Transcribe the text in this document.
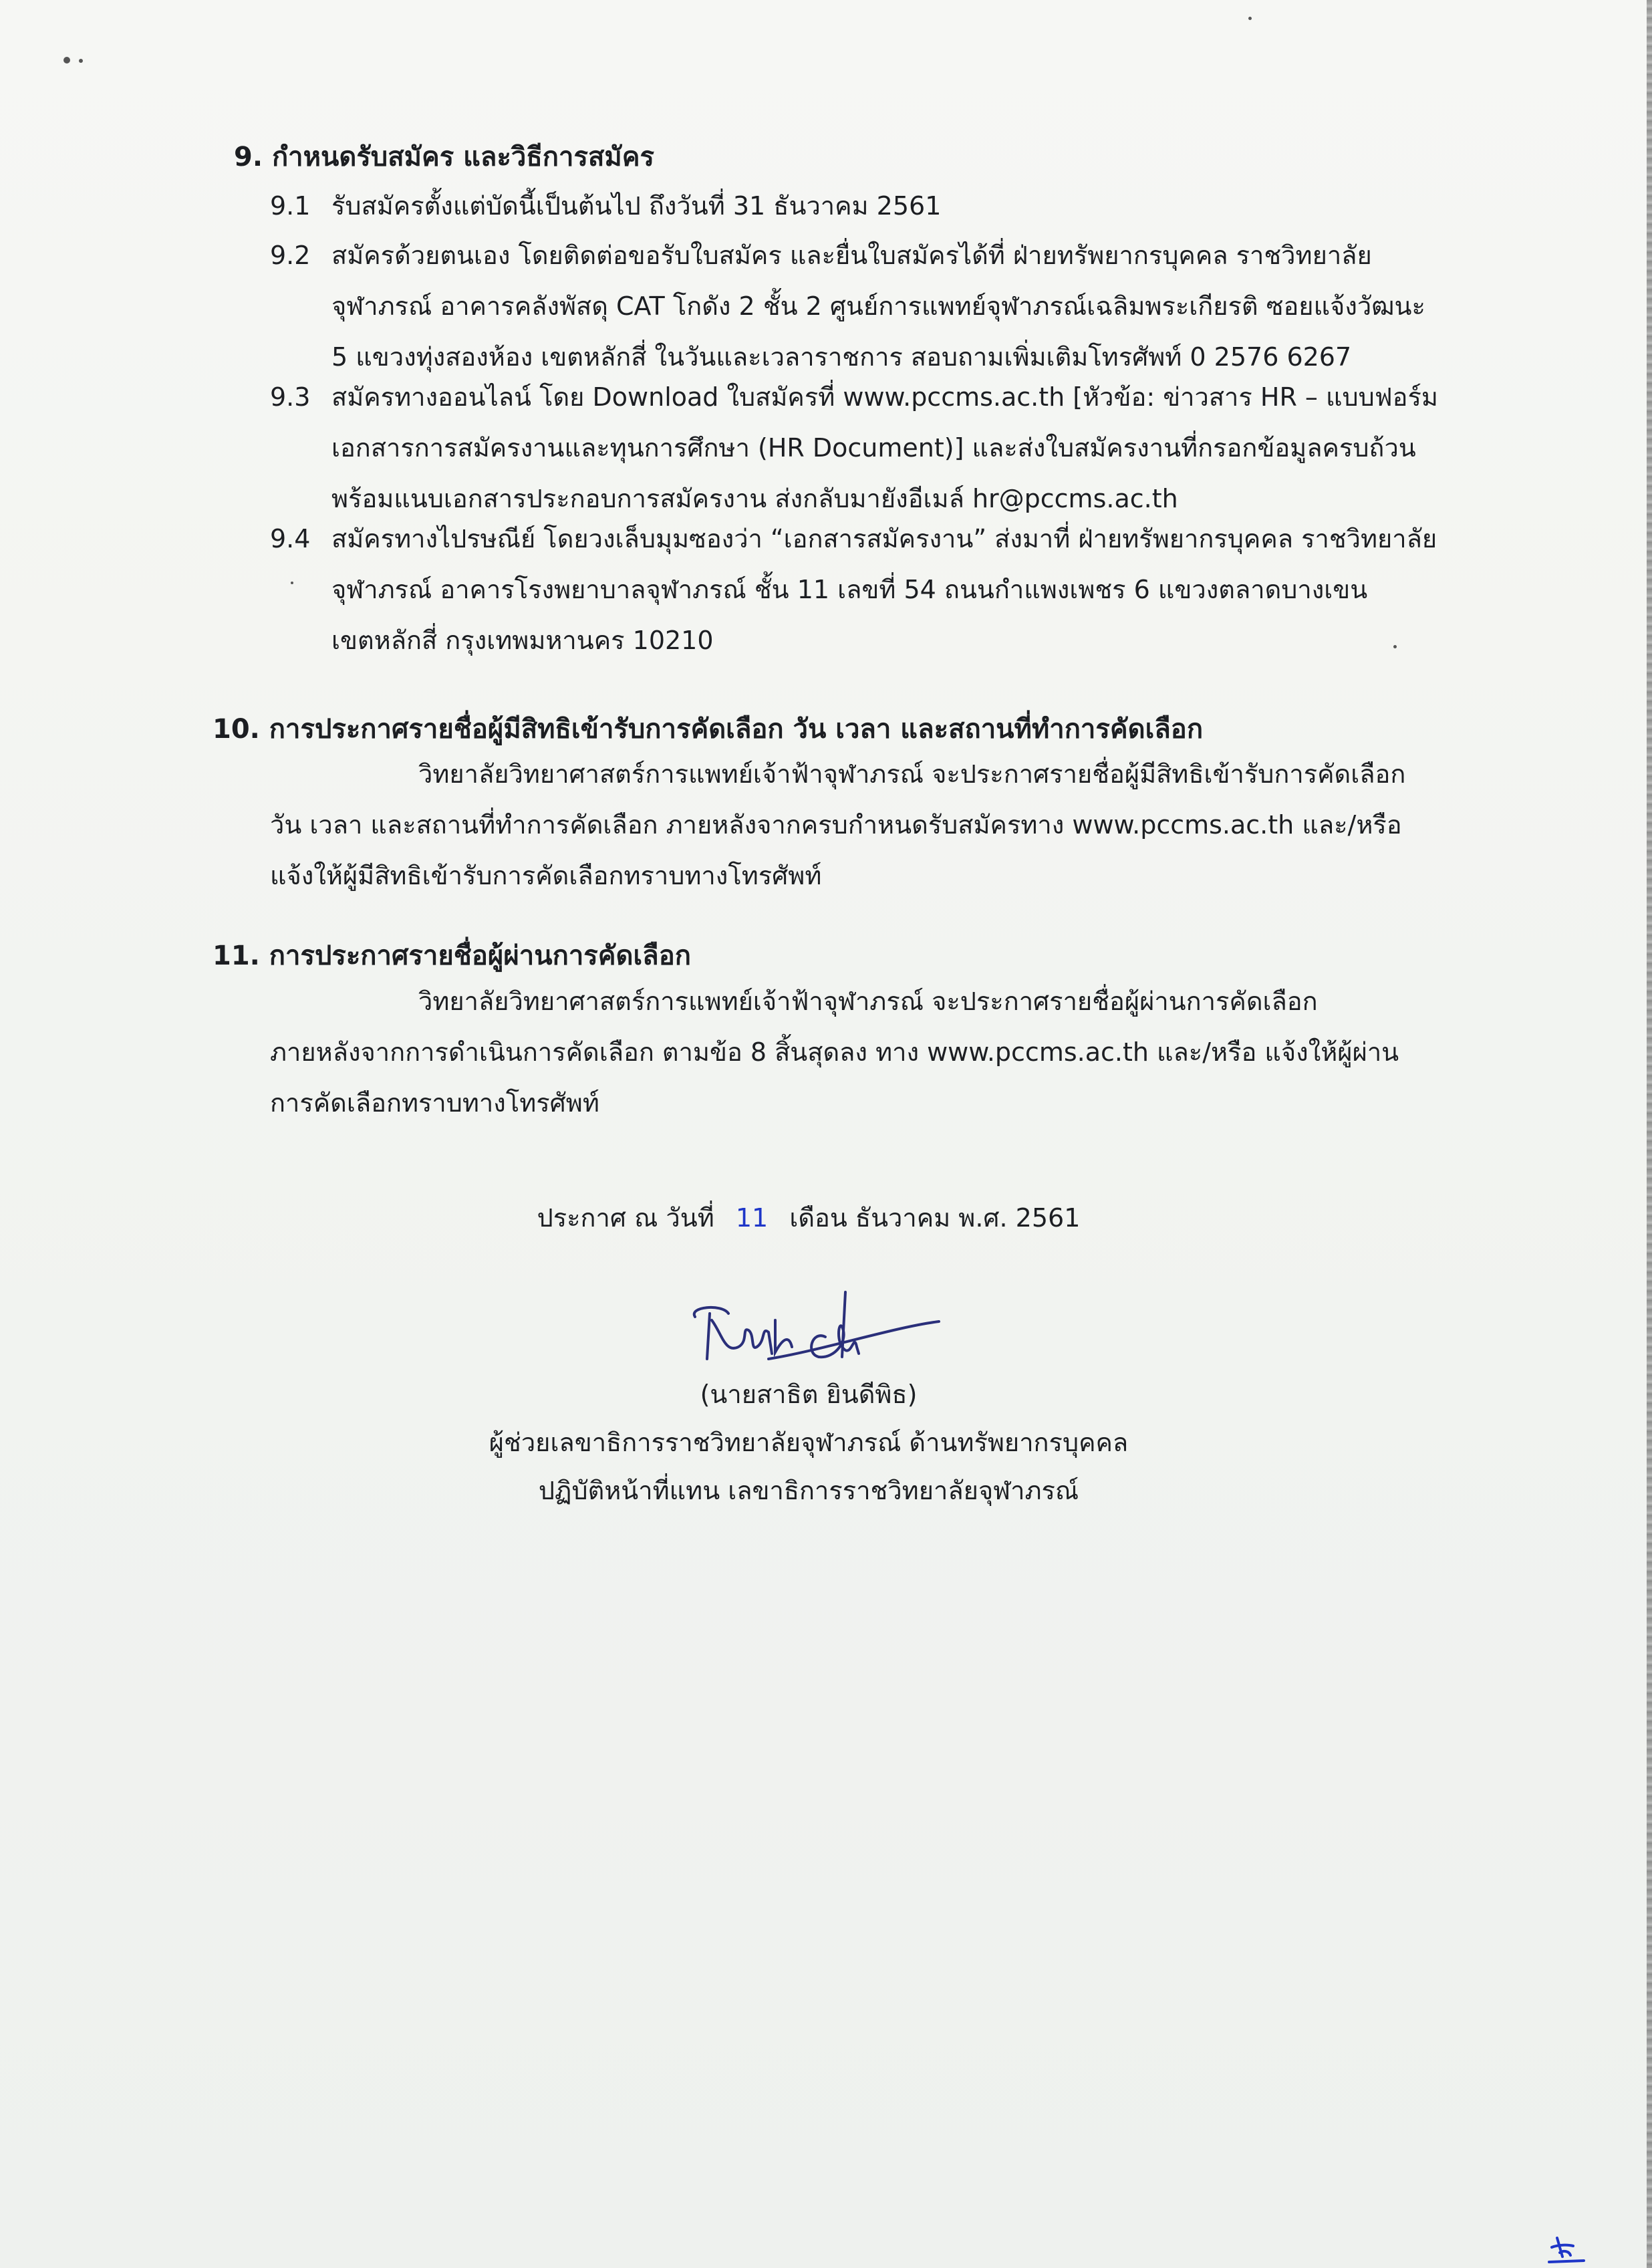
9. กำหนดรับสมัคร และวิธีการสมัคร
9.1 รับสมัครตั้งแต่บัดนี้เป็นต้นไป ถึงวันที่ 31 ธันวาคม 2561
9.2 สมัครด้วยตนเอง โดยติดต่อขอรับใบสมัคร และยื่นใบสมัครได้ที่ ฝ่ายทรัพยากรบุคคล ราชวิทยาลัย
จุฬาภรณ์ อาคารคลังพัสดุ CAT โกดัง 2 ชั้น 2 ศูนย์การแพทย์จุฬาภรณ์เฉลิมพระเกียรติ ซอยแจ้งวัฒนะ
5 แขวงทุ่งสองห้อง เขตหลักสี่ ในวันและเวลาราชการ สอบถามเพิ่มเติมโทรศัพท์ 0 2576 6267
9.3 สมัครทางออนไลน์ โดย Download ใบสมัครที่ www.pccms.ac.th [หัวข้อ: ข่าวสาร HR – แบบฟอร์ม
เอกสารการสมัครงานและทุนการศึกษา (HR Document)] และส่งใบสมัครงานที่กรอกข้อมูลครบถ้วน
พร้อมแนบเอกสารประกอบการสมัครงาน ส่งกลับมายังอีเมล์ hr@pccms.ac.th
9.4 สมัครทางไปรษณีย์ โดยวงเล็บมุมซองว่า “เอกสารสมัครงาน” ส่งมาที่ ฝ่ายทรัพยากรบุคคล ราชวิทยาลัย
จุฬาภรณ์ อาคารโรงพยาบาลจุฬาภรณ์ ชั้น 11 เลขที่ 54 ถนนกำแพงเพชร 6 แขวงตลาดบางเขน
เขตหลักสี่ กรุงเทพมหานคร 10210
10. การประกาศรายชื่อผู้มีสิทธิเข้ารับการคัดเลือก วัน เวลา และสถานที่ทำการคัดเลือก
วิทยาลัยวิทยาศาสตร์การแพทย์เจ้าฟ้าจุฬาภรณ์ จะประกาศรายชื่อผู้มีสิทธิเข้ารับการคัดเลือก
วัน เวลา และสถานที่ทำการคัดเลือก ภายหลังจากครบกำหนดรับสมัครทาง www.pccms.ac.th และ/หรือ
แจ้งให้ผู้มีสิทธิเข้ารับการคัดเลือกทราบทางโทรศัพท์
11. การประกาศรายชื่อผู้ผ่านการคัดเลือก
วิทยาลัยวิทยาศาสตร์การแพทย์เจ้าฟ้าจุฬาภรณ์ จะประกาศรายชื่อผู้ผ่านการคัดเลือก
ภายหลังจากการดำเนินการคัดเลือก ตามข้อ 8 สิ้นสุดลง ทาง www.pccms.ac.th และ/หรือ แจ้งให้ผู้ผ่าน
การคัดเลือกทราบทางโทรศัพท์
ประกาศ ณ วันที่ 11 เดือน ธันวาคม พ.ศ. 2561
(นายสาธิต ยินดีพิธ)
ผู้ช่วยเลขาธิการราชวิทยาลัยจุฬาภรณ์ ด้านทรัพยากรบุคคล
ปฏิบัติหน้าที่แทน เลขาธิการราชวิทยาลัยจุฬาภรณ์
